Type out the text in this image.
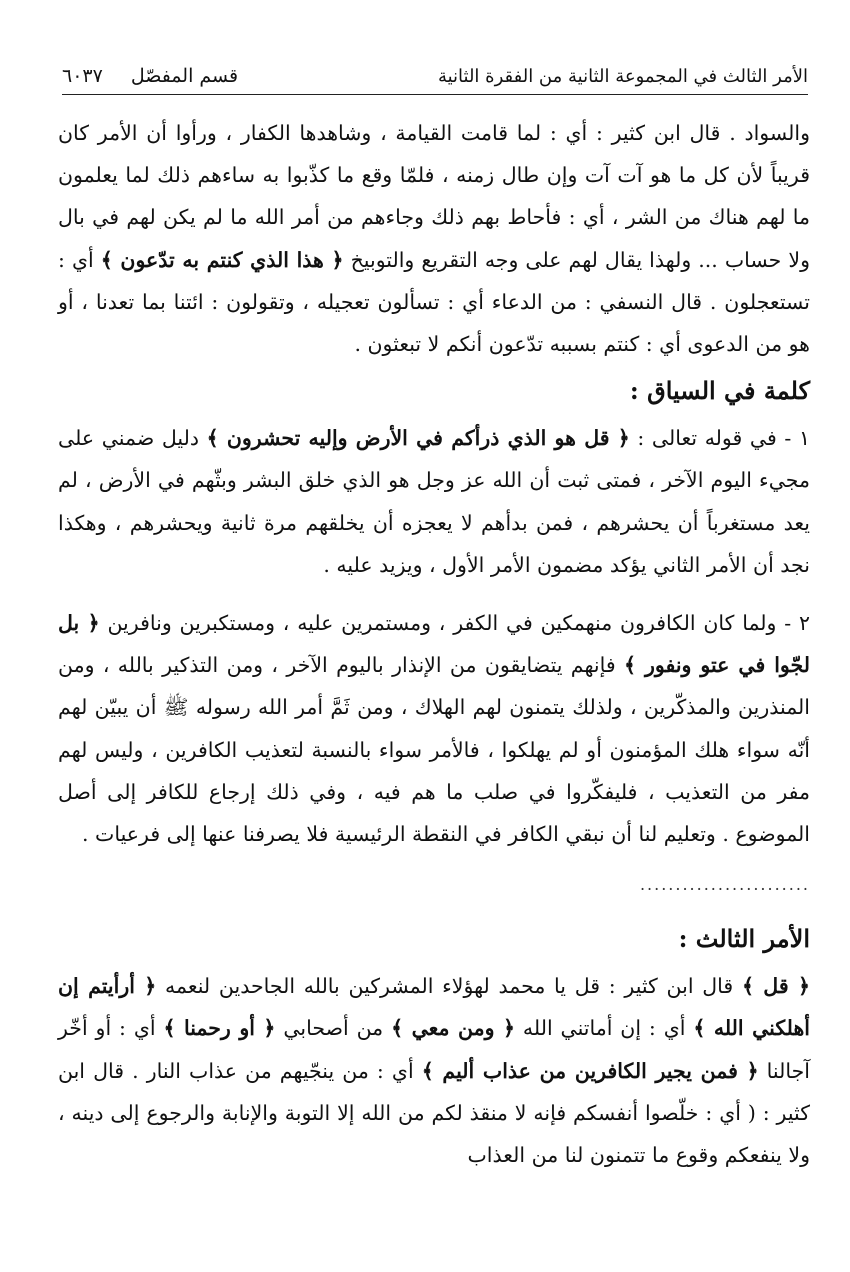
الأمر الثالث في المجموعة الثانية من الفقرة الثانية
قسم المفصّل
٦٠٣٧

والسواد . قال ابن كثير : أي : لما قامت القيامة ، وشاهدها الكفار ، ورأوا أن الأمر كان قريباً لأن كل ما هو آت آت وإن طال زمنه ، فلمّا وقع ما كذّبوا به ساءهم ذلك لما يعلمون ما لهم هناك من الشر ، أي : فأحاط بهم ذلك وجاءهم من أمر الله ما لم يكن لهم في بال ولا حساب ... ولهذا يقال لهم على وجه التقريع والتوبيخ ﴿ هذا الذي كنتم به تدّعون ﴾ أي : تستعجلون . قال النسفي : من الدعاء أي : تسألون تعجيله ، وتقولون : ائتنا بما تعدنا ، أو هو من الدعوى أي : كنتم بسببه تدّعون أنكم لا تبعثون .

كلمة في السياق :

١ - في قوله تعالى : ﴿ قل هو الذي ذرأكم في الأرض وإليه تحشرون ﴾ دليل ضمني على مجيء اليوم الآخر ، فمتى ثبت أن الله عز وجل هو الذي خلق البشر وبثّهم في الأرض ، لم يعد مستغرباً أن يحشرهم ، فمن بدأهم لا يعجزه أن يخلقهم مرة ثانية ويحشرهم ، وهكذا نجد أن الأمر الثاني يؤكد مضمون الأمر الأول ، ويزيد عليه .

٢ - ولما كان الكافرون منهمكين في الكفر ، ومستمرين عليه ، ومستكبرين ونافرين ﴿ بل لجّوا في عتو ونفور ﴾ فإنهم يتضايقون من الإنذار باليوم الآخر ، ومن التذكير بالله ، ومن المنذرين والمذكّرين ، ولذلك يتمنون لهم الهلاك ، ومن ثَمَّ أمر الله رسوله ﷺ أن يبيّن لهم أنّه سواء هلك المؤمنون أو لم يهلكوا ، فالأمر سواء بالنسبة لتعذيب الكافرين ، وليس لهم مفر من التعذيب ، فليفكّروا في صلب ما هم فيه ، وفي ذلك إرجاع للكافر إلى أصل الموضوع . وتعليم لنا أن نبقي الكافر في النقطة الرئيسية فلا يصرفنا عنها إلى فرعيات .

........................
الأمر الثالث :

﴿ قل ﴾ قال ابن كثير : قل يا محمد لهؤلاء المشركين بالله الجاحدين لنعمه ﴿ أرأيتم إن أهلكني الله ﴾ أي : إن أماتني الله ﴿ ومن معي ﴾ من أصحابي ﴿ أو رحمنا ﴾ أي : أو أخّر آجالنا ﴿ فمن يجير الكافرين من عذاب أليم ﴾ أي : من ينجّيهم من عذاب النار . قال ابن كثير : ( أي : خلّصوا أنفسكم فإنه لا منقذ لكم من الله إلا التوبة والإنابة والرجوع إلى دينه ، ولا ينفعكم وقوع ما تتمنون لنا من العذاب
